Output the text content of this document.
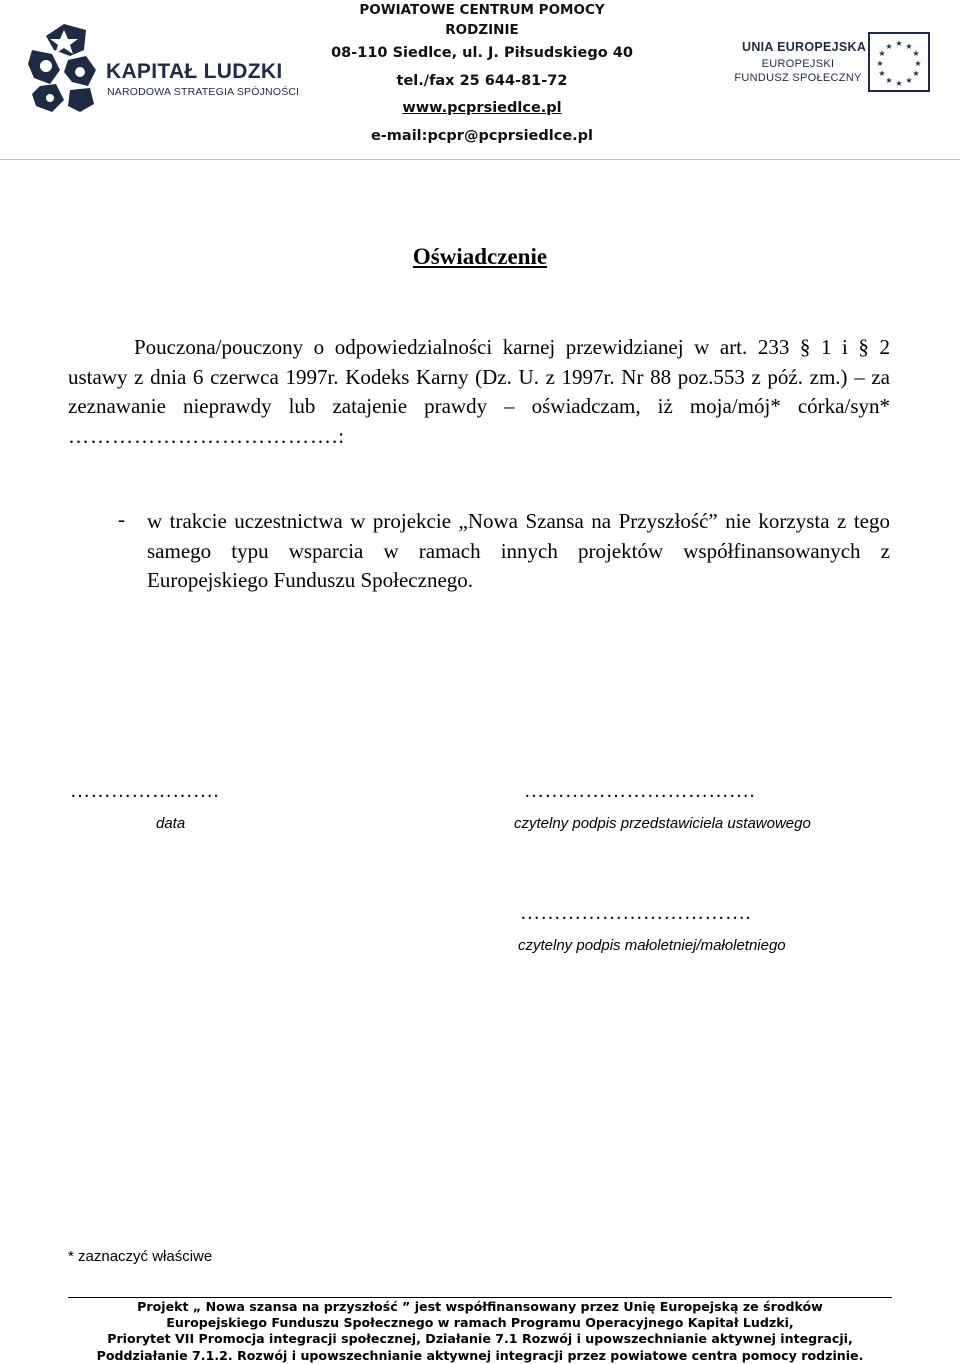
KAPITAŁ LUDZKI
NARODOWA STRATEGIA SPÓJNOŚCI
POWIATOWE CENTRUM POMOCY RODZINIE
08-110 Siedlce, ul. J. Piłsudskiego 40
tel./fax 25 644-81-72
www.pcprsiedlce.pl
e-mail:pcpr@pcprsiedlce.pl
UNIA EUROPEJSKA
EUROPEJSKI
FUNDUSZ SPOŁECZNY
★ ★
★
★
★
★
★
★
★
★
★
★
Oświadczenie
Pouczona/pouczony o odpowiedzialności karnej przewidzianej w art. 233 § 1 i § 2 ustawy z dnia 6 czerwca 1997r. Kodeks Karny (Dz. U. z 1997r. Nr 88 poz.553 z póź. zm.) – za zeznawanie nieprawdy lub zatajenie prawdy – oświadczam, iż moja/mój* córka/syn* ……………………………….:
- w trakcie uczestnictwa w projekcie „Nowa Szansa na Przyszłość” nie korzysta z tego samego typu wsparcia w ramach innych projektów współfinansowanych z Europejskiego Funduszu Społecznego.
………………….
data
…………………………….
czytelny podpis przedstawiciela ustawowego
…………………………….
czytelny podpis małoletniej/małoletniego
* zaznaczyć właściwe
Projekt „ Nowa szansa na przyszłość ” jest współfinansowany przez Unię Europejską ze środków
Europejskiego Funduszu Społecznego w ramach Programu Operacyjnego Kapitał Ludzki,
Priorytet VII Promocja integracji społecznej, Działanie 7.1 Rozwój i upowszechnianie aktywnej integracji,
Poddziałanie 7.1.2. Rozwój i upowszechnianie aktywnej integracji przez powiatowe centra pomocy rodzinie.
